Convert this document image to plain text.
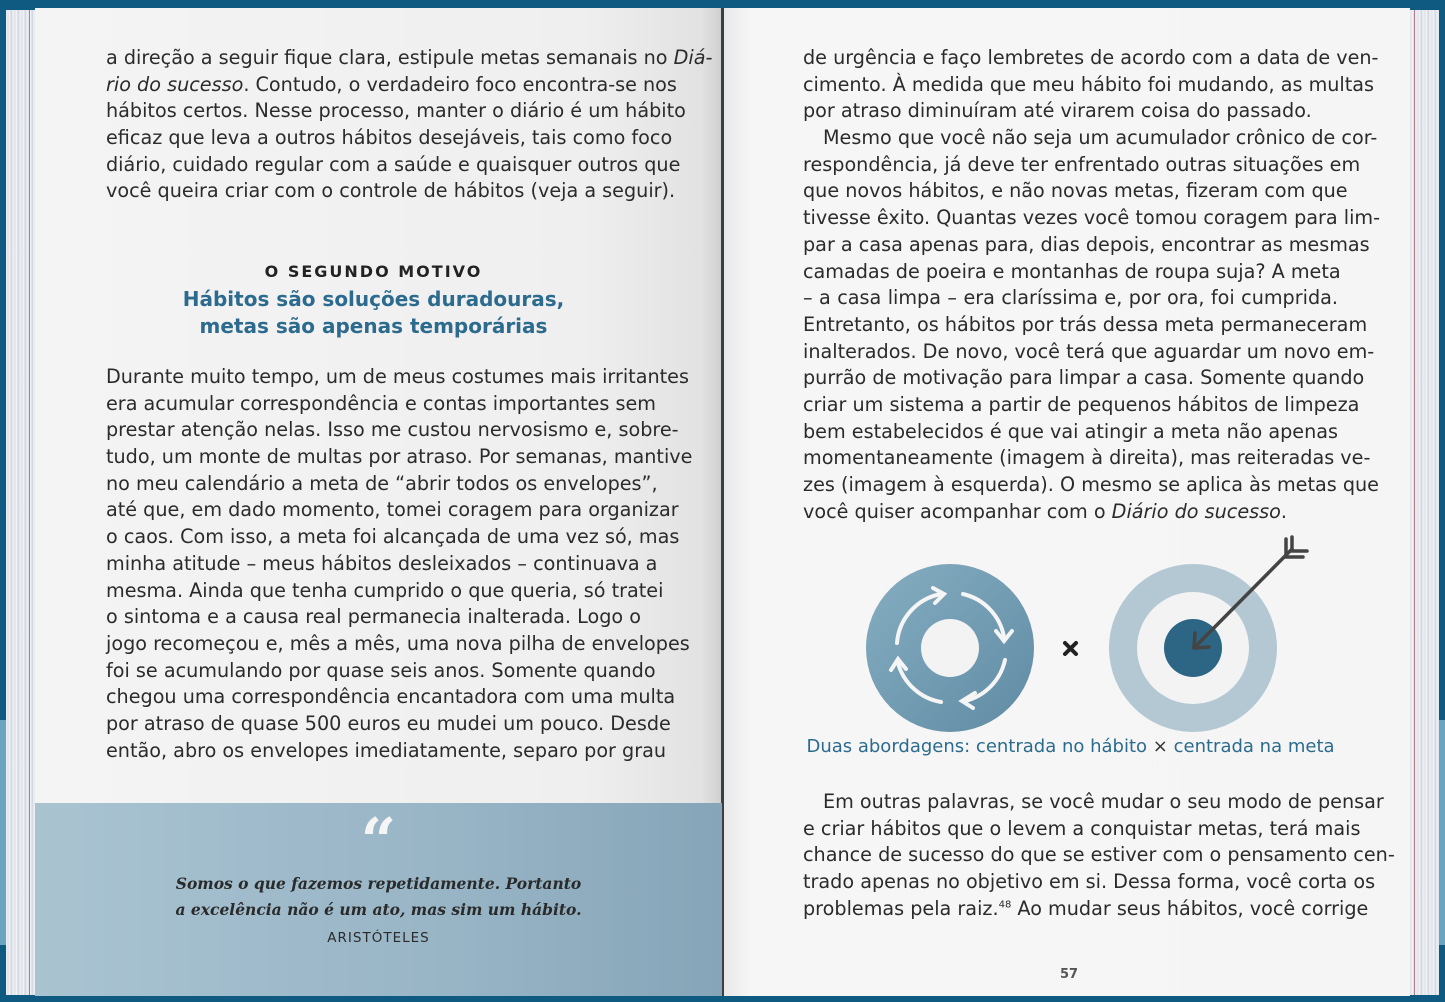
a direção a seguir fique clara, estipule metas semanais no Diá-
rio do sucesso. Contudo, o verdadeiro foco encontra-se nos
hábitos certos. Nesse processo, manter o diário é um hábito
eficaz que leva a outros hábitos desejáveis, tais como foco
diário, cuidado regular com a saúde e quaisquer outros que
você queira criar com o controle de hábitos (veja a seguir).
O SEGUNDO MOTIVO
Hábitos são soluções duradouras,
metas são apenas temporárias
Durante muito tempo, um de meus costumes mais irritantes
era acumular correspondência e contas importantes sem
prestar atenção nelas. Isso me custou nervosismo e, sobre-
tudo, um monte de multas por atraso. Por semanas, mantive
no meu calendário a meta de “abrir todos os envelopes”,
até que, em dado momento, tomei coragem para organizar
o caos. Com isso, a meta foi alcançada de uma vez só, mas
minha atitude – meus hábitos desleixados – continuava a
mesma. Ainda que tenha cumprido o que queria, só tratei
o sintoma e a causa real permanecia inalterada. Logo o
jogo recomeçou e, mês a mês, uma nova pilha de envelopes
foi se acumulando por quase seis anos. Somente quando
chegou uma correspondência encantadora com uma multa
por atraso de quase 500 euros eu mudei um pouco. Desde
então, abro os envelopes imediatamente, separo por grau
“
Somos o que fazemos repetidamente. Portanto
a excelência não é um ato, mas sim um hábito.
ARISTÓTELES
de urgência e faço lembretes de acordo com a data de ven-
cimento. À medida que meu hábito foi mudando, as multas
por atraso diminuíram até virarem coisa do passado.
Mesmo que você não seja um acumulador crônico de cor-
respondência, já deve ter enfrentado outras situações em
que novos hábitos, e não novas metas, fizeram com que
tivesse êxito. Quantas vezes você tomou coragem para lim-
par a casa apenas para, dias depois, encontrar as mesmas
camadas de poeira e montanhas de roupa suja? A meta
– a casa limpa – era claríssima e, por ora, foi cumprida.
Entretanto, os hábitos por trás dessa meta permaneceram
inalterados. De novo, você terá que aguardar um novo em-
purrão de motivação para limpar a casa. Somente quando
criar um sistema a partir de pequenos hábitos de limpeza
bem estabelecidos é que vai atingir a meta não apenas
momentaneamente (imagem à direita), mas reiteradas ve-
zes (imagem à esquerda). O mesmo se aplica às metas que
você quiser acompanhar com o Diário do sucesso.
Duas abordagens: centrada no hábito × centrada na meta
Em outras palavras, se você mudar o seu modo de pensar
e criar hábitos que o levem a conquistar metas, terá mais
chance de sucesso do que se estiver com o pensamento cen-
trado apenas no objetivo em si. Dessa forma, você corta os
problemas pela raiz.$^{48}$ Ao mudar seus hábitos, você corrige
57
